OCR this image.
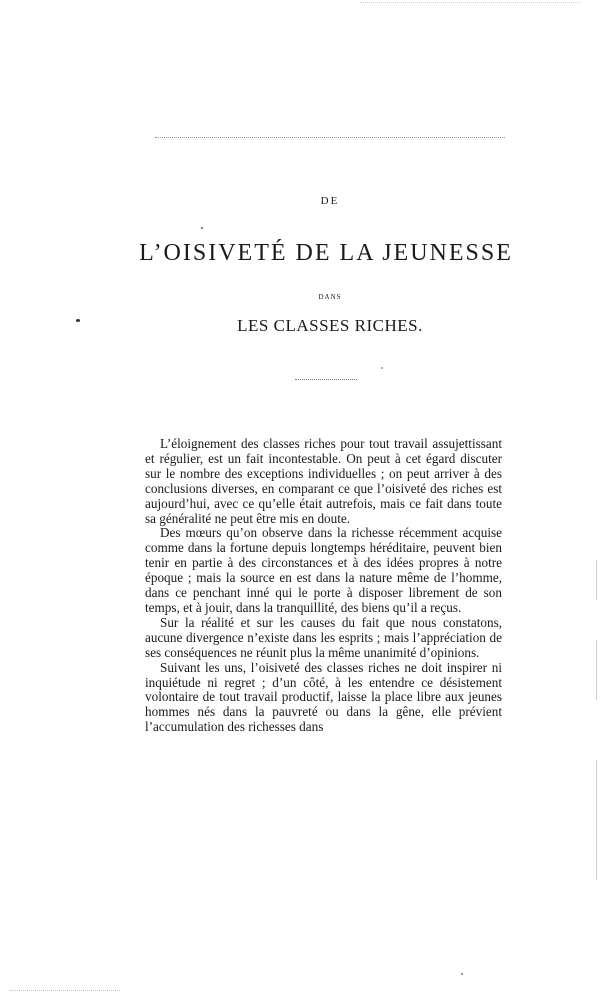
DE
L’OISIVETÉ DE LA JEUNESSE
DANS
LES CLASSES RICHES.

L’éloignement des classes riches pour tout travail assujettissant et régulier, est un fait incontestable. On peut à cet égard discuter sur le nombre des exceptions individuelles ; on peut arriver à des conclusions diverses, en comparant ce que l’oisiveté des riches est aujourd’hui, avec ce qu’elle était autrefois, mais ce fait dans toute sa généralité ne peut être mis en doute.

Des mœurs qu’on observe dans la richesse récemment acquise comme dans la fortune depuis longtemps héréditaire, peuvent bien tenir en partie à des circonstances et à des idées propres à notre époque ; mais la source en est dans la nature même de l’homme, dans ce penchant inné qui le porte à disposer librement de son temps, et à jouir, dans la tranquillité, des biens qu’il a reçus.

Sur la réalité et sur les causes du fait que nous constatons, aucune divergence n’existe dans les esprits ; mais l’appréciation de ses conséquences ne réunit plus la même unanimité d’opinions.

Suivant les uns, l’oisiveté des classes riches ne doit inspirer ni inquiétude ni regret ; d’un côté, à les entendre ce désistement volontaire de tout travail productif, laisse la place libre aux jeunes hommes nés dans la pauvreté ou dans la gêne, elle prévient l’accumulation des richesses dans
